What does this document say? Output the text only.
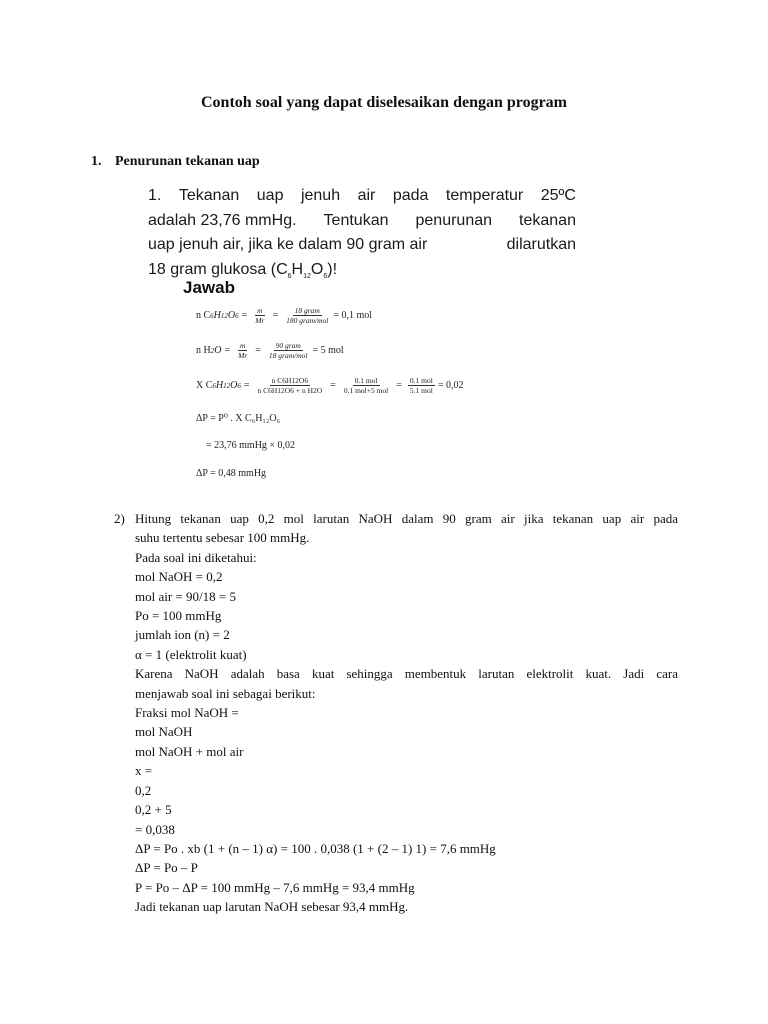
Contoh soal yang dapat diselesaikan dengan program
1. Penurunan tekanan uap
1. Tekanan uap jenuh air pada temperatur 25ºC
adalah 23,76 mmHg. Tentukan penurunan tekanan
uap jenuh air, jika ke dalam 90 gram air	dilarutkan
18 gram glukosa $(C_6H_{12}O_6)$!
Jawab
n C 6 H 12 O $6 = \frac{m}{Mr} = \frac{\text{18 gram}}{\text{180 gram/mol}} = 0,1$ mol
n H 2 $O = \frac{m}{Mr} = \frac{\text{90 gram}}{\text{18 gram/mol}} = 5$ mol
X C 6 H 12 O $6 = \frac{\text{n C6H12O6}}{\text{n C6H12O6 + n H2O}} = \frac{\text{0.1 mol}}{\text{0.1 mol+5 mol}} = \frac{\text{0.1 mol}}{\text{5.1 mol}} = 0,02$
ΔP = P⁰ . X C₆H₁₂O₆
= 23,76 mmHg × 0,02
ΔP = 0,48 mmHg
2) Hitung tekanan uap 0,2 mol larutan NaOH dalam 90 gram air jika tekanan uap air pada
suhu tertentu sebesar 100 mmHg.
Pada soal ini diketahui:
mol NaOH = 0,2
mol air = 90/18 = 5
Po = 100 mmHg
jumlah ion (n) = 2
α = 1 (elektrolit kuat)
Karena NaOH adalah basa kuat sehingga membentuk larutan elektrolit kuat. Jadi cara
menjawab soal ini sebagai berikut:
Fraksi mol NaOH =
mol NaOH
mol NaOH + mol air
x =
0,2
0,2 + 5
= 0,038
ΔP = Po . xb (1 + (n – 1) α) = 100 . 0,038 (1 + (2 – 1) 1) = 7,6 mmHg
ΔP = Po – P
P = Po – ΔP = 100 mmHg – 7,6 mmHg = 93,4 mmHg
Jadi tekanan uap larutan NaOH sebesar 93,4 mmHg.
